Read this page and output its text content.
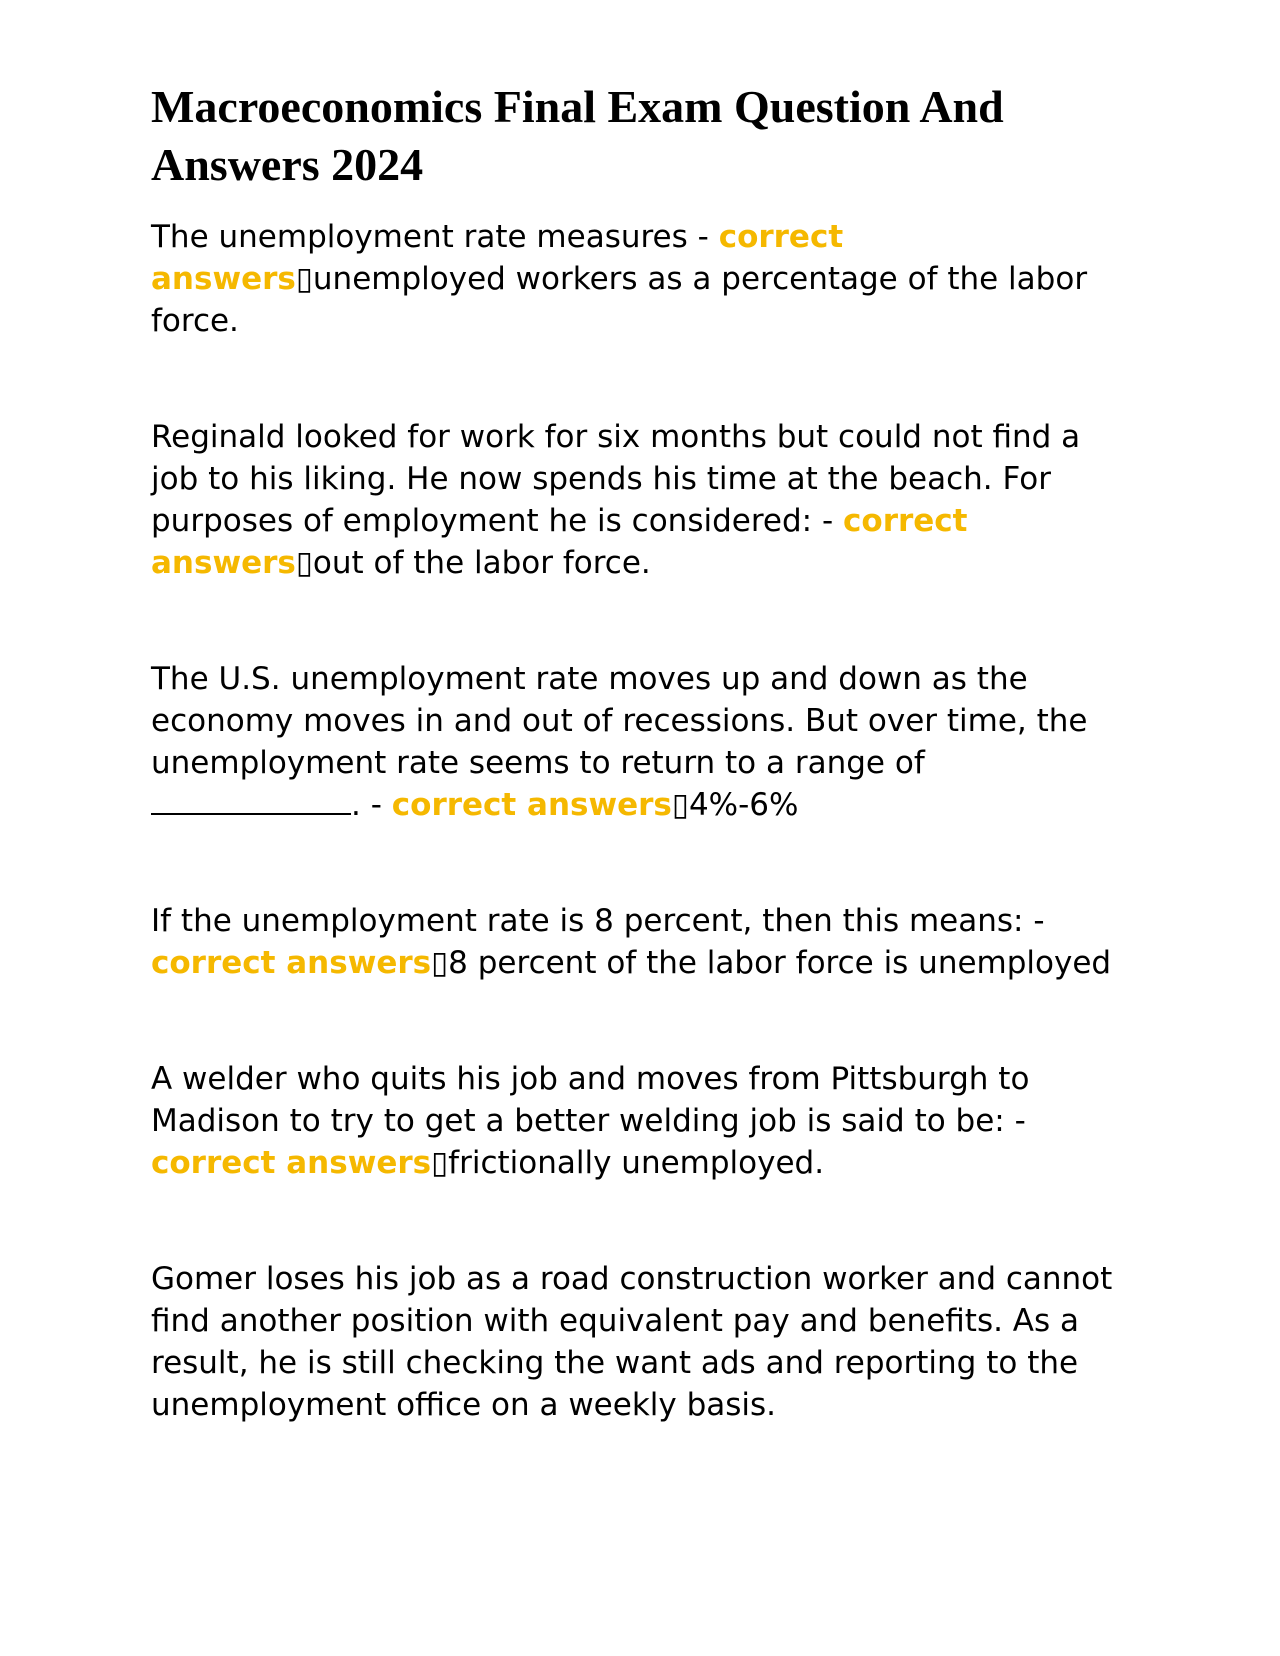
Macroeconomics Final Exam Question And Answers 2024

The unemployment rate measures - correct answers▯unemployed workers as a percentage of the labor force.

Reginald looked for work for six months but could not find a job to his liking. He now spends his time at the beach. For purposes of employment he is considered: - correct answers▯out of the labor force.

The U.S. unemployment rate moves up and down as the economy moves in and out of recessions. But over time, the unemployment rate seems to return to a range of . - correct answers▯4%-6%

If the unemployment rate is 8 percent, then this means: - correct answers▯8 percent of the labor force is unemployed

A welder who quits his job and moves from Pittsburgh to Madison to try to get a better welding job is said to be: - correct answers▯frictionally unemployed.

Gomer loses his job as a road construction worker and cannot find another position with equivalent pay and benefits. As a result, he is still checking the want ads and reporting to the unemployment office on a weekly basis.
